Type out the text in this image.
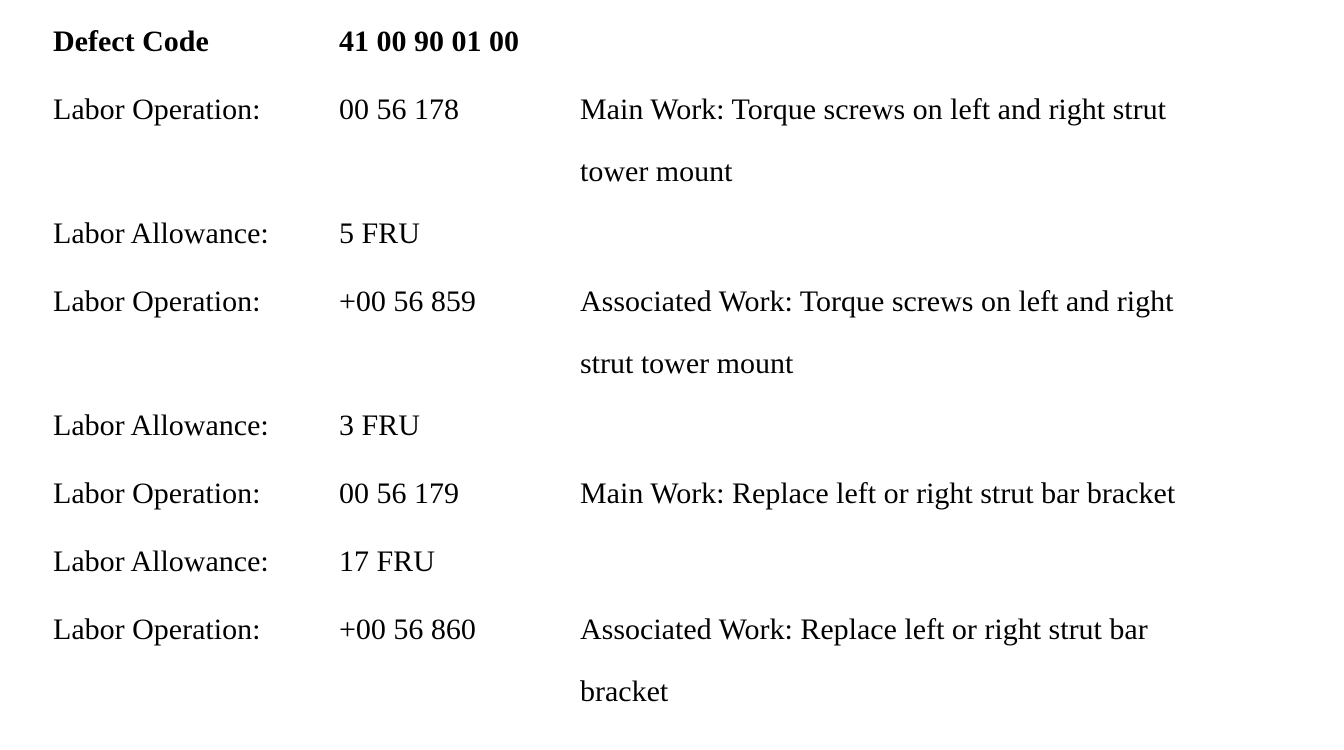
Defect Code	41 00 90 01 00
Labor Operation:	00 56 178	Main Work: Torque screws on left and right strut
tower mount
Labor Allowance: 5 FRU
Labor Operation:	+00 56 859	Associated Work: Torque screws on left and right
strut tower mount
Labor Allowance: 3 FRU
Labor Operation:	00 56 179	Main Work: Replace left or right strut bar bracket
Labor Allowance: 17 FRU
Labor Operation:	+00 56 860	Associated Work: Replace left or right strut bar
bracket
